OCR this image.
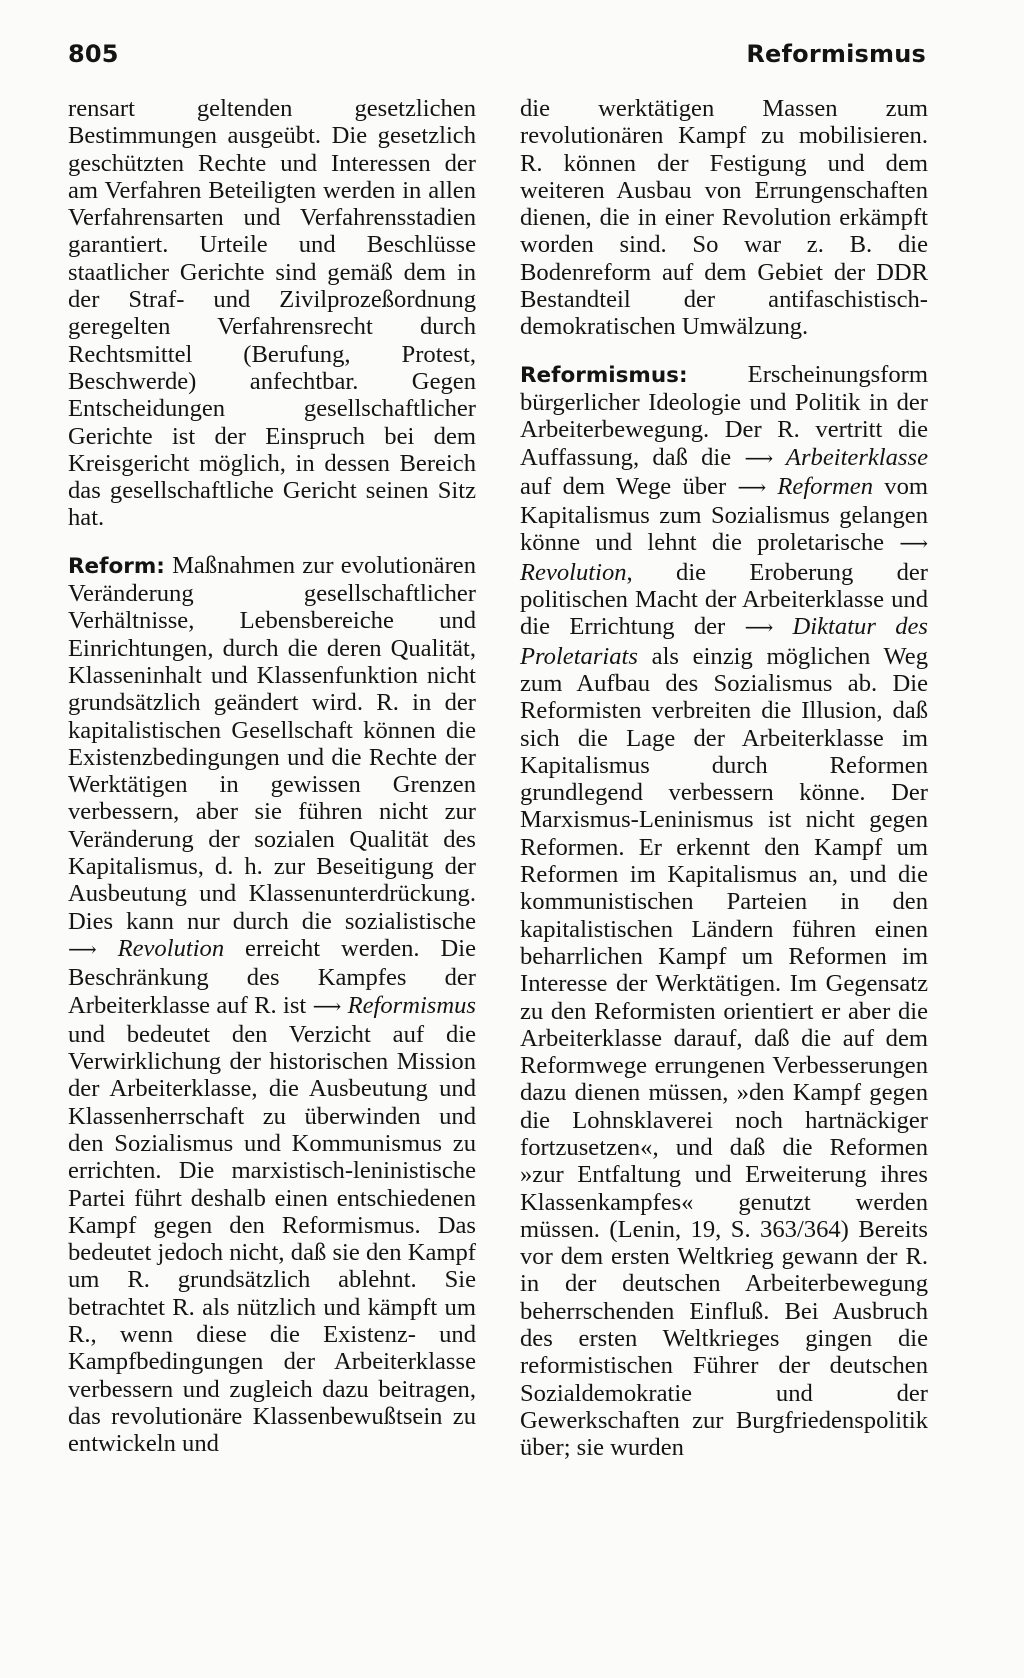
805	Reformismus

rensart geltenden gesetzlichen Bestimmungen ausgeübt. Die gesetzlich geschützten Rechte und Interessen der am Verfahren Beteiligten werden in allen Verfahrensarten und Verfahrensstadien garantiert. Urteile und Beschlüsse staatlicher Gerichte sind gemäß dem in der Straf- und Zivilprozeßordnung geregelten Verfahrensrecht durch Rechtsmittel (Berufung, Protest, Beschwerde) anfechtbar. Gegen Entscheidungen gesellschaftlicher Gerichte ist der Einspruch bei dem Kreisgericht möglich, in dessen Bereich das gesellschaftliche Gericht seinen Sitz hat.

Reform: Maßnahmen zur evolutionären Veränderung gesellschaftlicher Verhältnisse, Lebensbereiche und Einrichtungen, durch die deren Qualität, Klasseninhalt und Klassenfunktion nicht grundsätzlich geändert wird. R. in der kapitalistischen Gesellschaft können die Existenzbedingungen und die Rechte der Werktätigen in gewissen Grenzen verbessern, aber sie führen nicht zur Veränderung der sozialen Qualität des Kapitalismus, d. h. zur Beseitigung der Ausbeutung und Klassenunterdrückung. Dies kann nur durch die sozialistische ⟶ Revolution erreicht werden. Die Beschränkung des Kampfes der Arbeiterklasse auf R. ist ⟶ Reformismus und bedeutet den Verzicht auf die Verwirklichung der historischen Mission der Arbeiterklasse, die Ausbeutung und Klassenherrschaft zu überwinden und den Sozialismus und Kommunismus zu errichten. Die marxistisch-leninistische Partei führt deshalb einen entschiedenen Kampf gegen den Reformismus. Das bedeutet jedoch nicht, daß sie den Kampf um R. grundsätzlich ablehnt. Sie betrachtet R. als nützlich und kämpft um R., wenn diese die Existenz- und Kampfbedingungen der Arbeiterklasse verbessern und zugleich dazu beitragen, das revolutionäre Klassenbewußtsein zu entwickeln und

die werktätigen Massen zum revolutionären Kampf zu mobilisieren. R. können der Festigung und dem weiteren Ausbau von Errungenschaften dienen, die in einer Revolution erkämpft worden sind. So war z. B. die Bodenreform auf dem Gebiet der DDR Bestandteil der antifaschistisch-demokratischen Umwälzung.

Reformismus: Erscheinungsform bürgerlicher Ideologie und Politik in der Arbeiterbewegung. Der R. vertritt die Auffassung, daß die ⟶ Arbeiterklasse auf dem Wege über ⟶ Reformen vom Kapitalismus zum Sozialismus gelangen könne und lehnt die proletarische ⟶ Revolution, die Eroberung der politischen Macht der Arbeiterklasse und die Errichtung der ⟶ Diktatur des Proletariats als einzig möglichen Weg zum Aufbau des Sozialismus ab. Die Reformisten verbreiten die Illusion, daß sich die Lage der Arbeiterklasse im Kapitalismus durch Reformen grundlegend verbessern könne. Der Marxismus-Leninismus ist nicht gegen Reformen. Er erkennt den Kampf um Reformen im Kapitalismus an, und die kommunistischen Parteien in den kapitalistischen Ländern führen einen beharrlichen Kampf um Reformen im Interesse der Werktätigen. Im Gegensatz zu den Reformisten orientiert er aber die Arbeiterklasse darauf, daß die auf dem Reformwege errungenen Verbesserungen dazu dienen müssen, »den Kampf gegen die Lohnsklaverei noch hartnäckiger fortzusetzen«, und daß die Reformen »zur Entfaltung und Erweiterung ihres Klassenkampfes« genutzt werden müssen. (Lenin, 19, S. 363/364) Bereits vor dem ersten Weltkrieg gewann der R. in der deutschen Arbeiterbewegung beherrschenden Einfluß. Bei Ausbruch des ersten Weltkrieges gingen die reformistischen Führer der deutschen Sozialdemokratie und der Gewerkschaften zur Burgfriedenspolitik über; sie wurden
